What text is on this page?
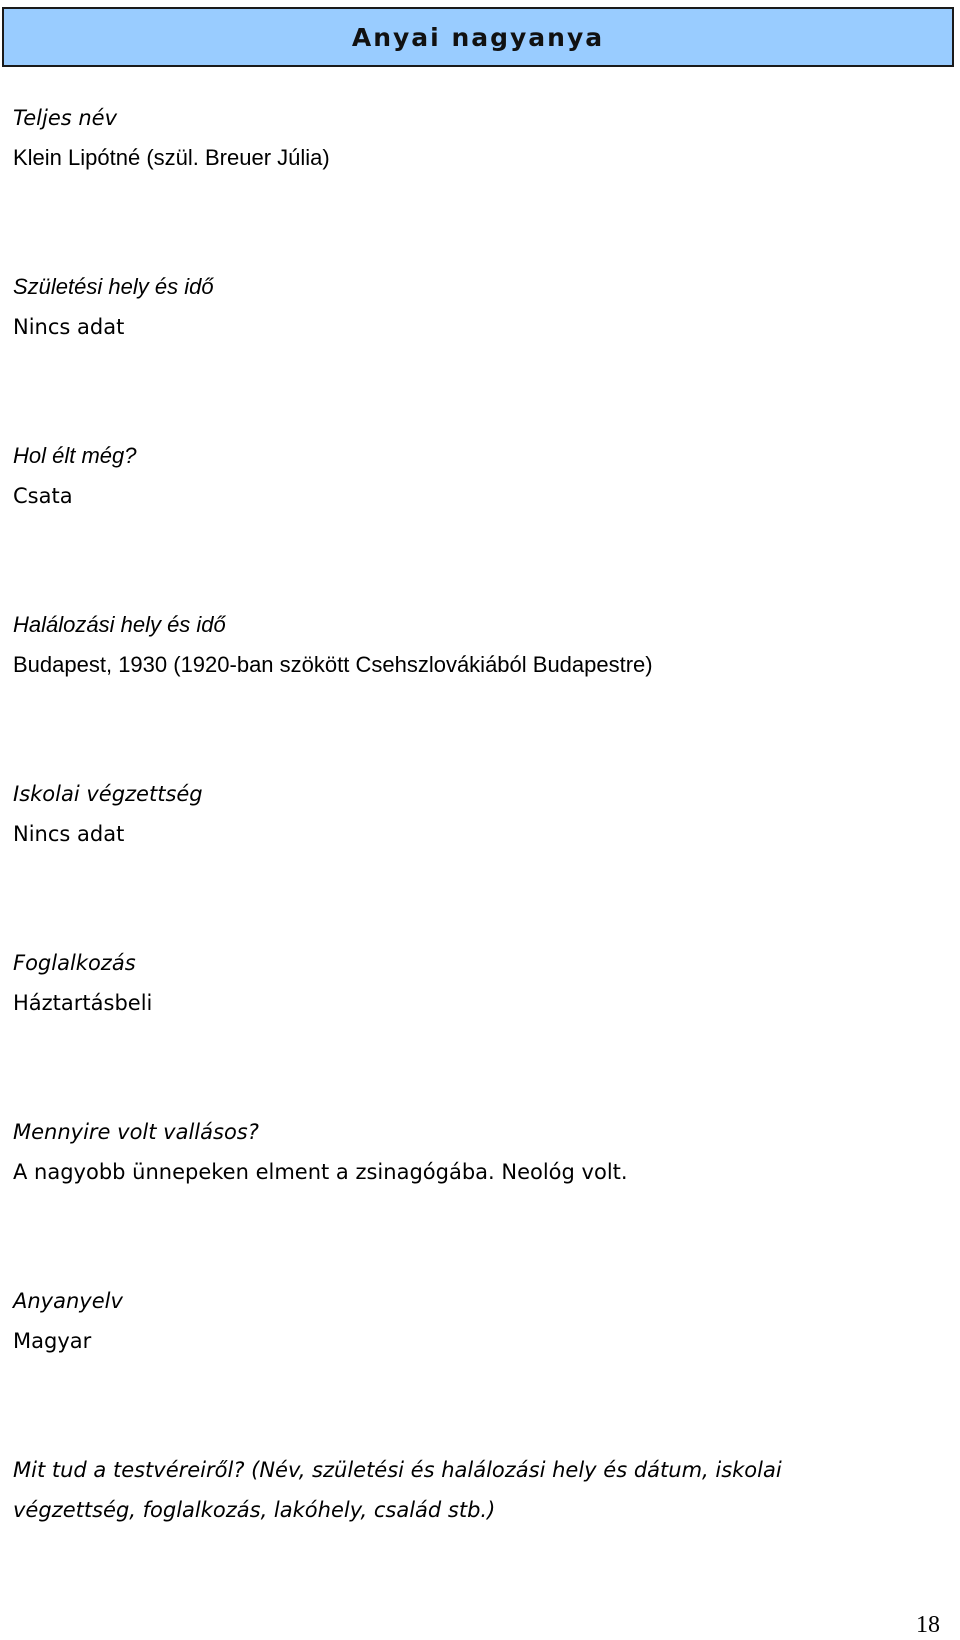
Anyai nagyanya

Teljes név

Klein Lipótné (szül. Breuer Júlia)

Születési hely és idő

Nincs adat

Hol élt még?

Csata

Halálozási hely és idő

Budapest, 1930 (1920-ban szökött Csehszlovákiából Budapestre)

Iskolai végzettség

Nincs adat

Foglalkozás

Háztartásbeli

Mennyire volt vallásos?

A nagyobb ünnepeken elment a zsinagógába. Neológ volt.

Anyanyelv

Magyar

Mit tud a testvéreiről? (Név, születési és halálozási hely és dátum, iskolai

végzettség, foglalkozás, lakóhely, család stb.)

18
